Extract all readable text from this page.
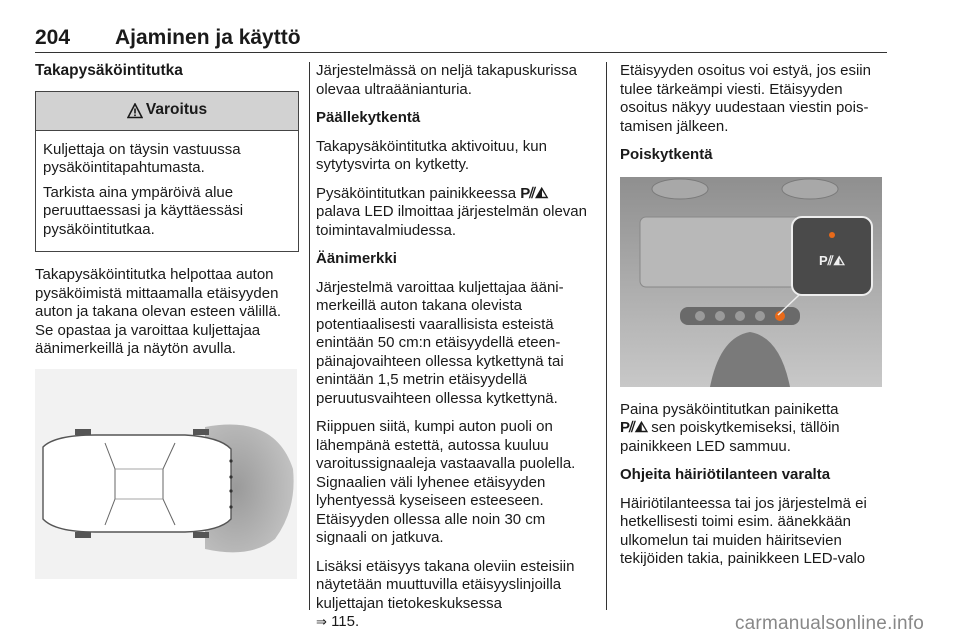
204 Ajaminen ja käyttö

Takapysäköintitutka

Varoitus

Kuljettaja on täysin vastuussa pysäköintitapahtumasta.

Tarkista aina ympäröivä alue peruuttaessasi ja käyttäessäsi pysäköintitutkaa.

Takapysäköintitutka helpottaa auton pysäköimistä mittaamalla etäisyyden auton ja takana olevan esteen välillä. Se opastaa ja varoittaa kuljettajaa äänimerkeillä ja näytön avulla.

Järjestelmässä on neljä takapuskurissa olevaa ultraäänianturia.

Päällekytkentä

Takapysäköintitutka aktivoituu, kun sytytysvirta on kytketty.

Pysäköintitutkan painikkeessa P⫽◭ palava LED ilmoittaa järjestelmän olevan toimintavalmiudessa.

Äänimerkki

Järjestelmä varoittaa kuljettajaa äänimerkeillä auton takana olevista potentiaalisesti vaarallisista esteistä enintään 50 cm:n etäisyydellä eteenpäinajovaihteen ollessa kytkettynä tai enintään 1,5 metrin etäisyydellä peruutusvaihteen ollessa kytkettynä.

Riippuen siitä, kumpi auton puoli on lähempänä estettä, autossa kuuluu varoitussignaaleja vastaavalla puolella. Signaalien väli lyhenee etäisyyden lyhentyessä kyseiseen esteeseen. Etäisyyden ollessa alle noin 30 cm signaali on jatkuva.

Lisäksi etäisyys takana oleviin esteisiin näytetään muuttuvilla etäisyyslinjoilla kuljettajan tietokeskuksessa
⇒ 115.

Etäisyyden osoitus voi estyä, jos esiin tulee tärkeämpi viesti. Etäisyyden osoitus näkyy uudestaan viestin poistamisen jälkeen.

Poiskytkentä

P⫽◭

Paina pysäköintitutkan painiketta
P⫽◭ sen poiskytkemiseksi, tällöin painikkeen LED sammuu.

Ohjeita häiriötilanteen varalta

Häiriötilanteessa tai jos järjestelmä ei hetkellisesti toimi esim. äänekkään ulkomelun tai muiden häiritsevien tekijöiden takia, painikkeen LED-valo

carmanualsonline.info
